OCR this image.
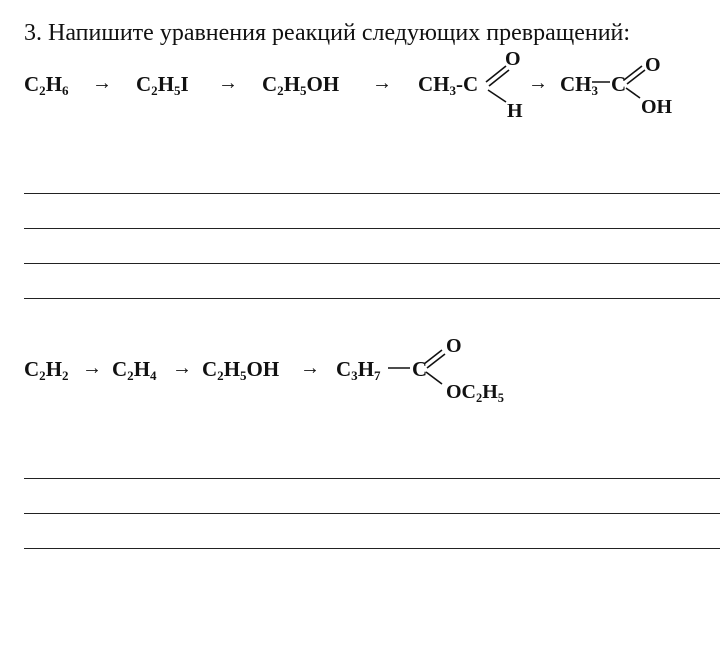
3. Напишите уравнения реакций следующих превращений:
$C_2H_6 \to C_2H_5I \to C_2H_5OH \to CH_3-C$
O
H
→ $CH_3$ C
O
OH
$C_2H_2 \to C_2H_4 \to C_2H_5OH \to C_3H_7$ C
O
$OC_2H_5$
